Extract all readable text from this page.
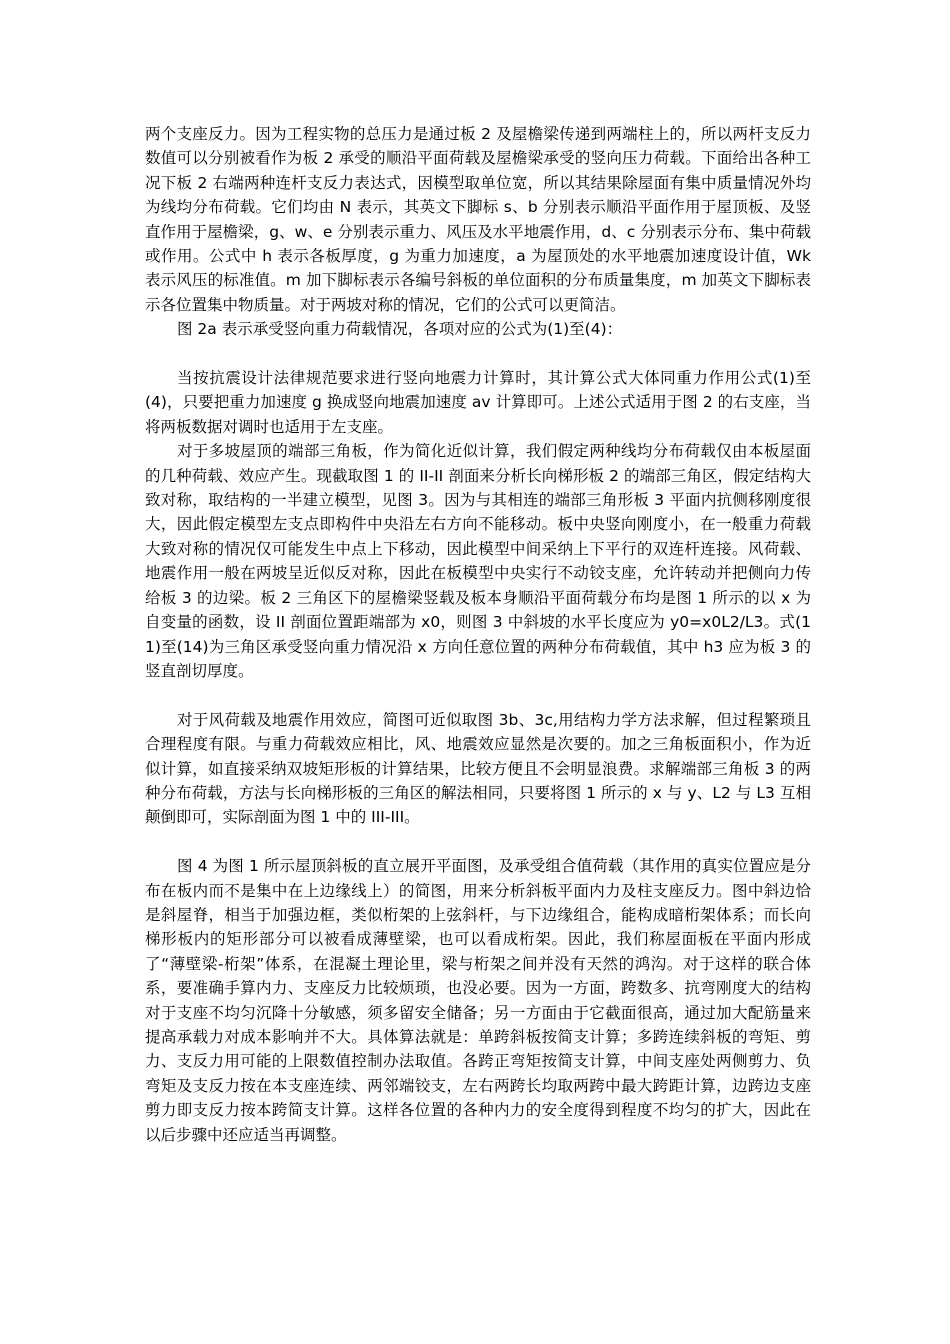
两个支座反力。因为工程实物的总压力是通过板 2 及屋檐梁传递到两端柱上的，所以两杆支反力数值可以分别被看作为板 2 承受的顺沿平面荷载及屋檐梁承受的竖向压力荷载。下面给出各种工况下板 2 右端两种连杆支反力表达式，因模型取单位宽，所以其结果除屋面有集中质量情况外均为线均分布荷载。它们均由 N 表示，其英文下脚标 s、b 分别表示顺沿平面作用于屋顶板、及竖直作用于屋檐梁，g、w、e 分别表示重力、风压及水平地震作用，d、c 分别表示分布、集中荷载或作用。公式中 h 表示各板厚度，g 为重力加速度，a 为屋顶处的水平地震加速度设计值，Wk 表示风压的标准值。m 加下脚标表示各编号斜板的单位面积的分布质量集度，m 加英文下脚标表示各位置集中物质量。对于两坡对称的情况，它们的公式可以更简洁。

图 2a 表示承受竖向重力荷载情况，各项对应的公式为(1)至(4)：

当按抗震设计法律规范要求进行竖向地震力计算时，其计算公式大体同重力作用公式(1)至(4)，只要把重力加速度 g 换成竖向地震加速度 av 计算即可。上述公式适用于图 2 的右支座，当将两板数据对调时也适用于左支座。

对于多坡屋顶的端部三角板，作为简化近似计算，我们假定两种线均分布荷载仅由本板屋面的几种荷载、效应产生。现截取图 1 的 II-II 剖面来分析长向梯形板 2 的端部三角区，假定结构大致对称，取结构的一半建立模型，见图 3。因为与其相连的端部三角形板 3 平面内抗侧移刚度很大，因此假定模型左支点即构件中央沿左右方向不能移动。板中央竖向刚度小，在一般重力荷载大致对称的情况仅可能发生中点上下移动，因此模型中间采纳上下平行的双连杆连接。风荷载、地震作用一般在两坡呈近似反对称，因此在板模型中央实行不动铰支座，允许转动并把侧向力传给板 3 的边梁。板 2 三角区下的屋檐梁竖载及板本身顺沿平面荷载分布均是图 1 所示的以 x 为自变量的函数，设 II 剖面位置距端部为 x0，则图 3 中斜坡的水平长度应为 y0=x0L2/L3。式(11)至(14)为三角区承受竖向重力情况沿 x 方向任意位置的两种分布荷载值，其中 h3 应为板 3 的竖直剖切厚度。

对于风荷载及地震作用效应，简图可近似取图 3b、3c,用结构力学方法求解，但过程繁琐且合理程度有限。与重力荷载效应相比，风、地震效应显然是次要的。加之三角板面积小，作为近似计算，如直接采纳双坡矩形板的计算结果，比较方便且不会明显浪费。求解端部三角板 3 的两种分布荷载，方法与长向梯形板的三角区的解法相同，只要将图 1 所示的 x 与 y、L2 与 L3 互相颠倒即可，实际剖面为图 1 中的 III-III。

图 4 为图 1 所示屋顶斜板的直立展开平面图，及承受组合值荷载（其作用的真实位置应是分布在板内而不是集中在上边缘线上）的简图，用来分析斜板平面内力及柱支座反力。图中斜边恰是斜屋脊，相当于加强边框，类似桁架的上弦斜杆，与下边缘组合，能构成暗桁架体系；而长向梯形板内的矩形部分可以被看成薄壁梁，也可以看成桁架。因此，我们称屋面板在平面内形成了“薄壁梁-桁架”体系，在混凝土理论里，梁与桁架之间并没有天然的鸿沟。对于这样的联合体系，要准确手算内力、支座反力比较烦琐，也没必要。因为一方面，跨数多、抗弯刚度大的结构对于支座不均匀沉降十分敏感，须多留安全储备；另一方面由于它截面很高，通过加大配筋量来提高承载力对成本影响并不大。具体算法就是：单跨斜板按简支计算；多跨连续斜板的弯矩、剪力、支反力用可能的上限数值控制办法取值。各跨正弯矩按简支计算，中间支座处两侧剪力、负弯矩及支反力按在本支座连续、两邻端铰支，左右两跨长均取两跨中最大跨距计算，边跨边支座剪力即支反力按本跨简支计算。这样各位置的各种内力的安全度得到程度不均匀的扩大，因此在以后步骤中还应适当再调整。
